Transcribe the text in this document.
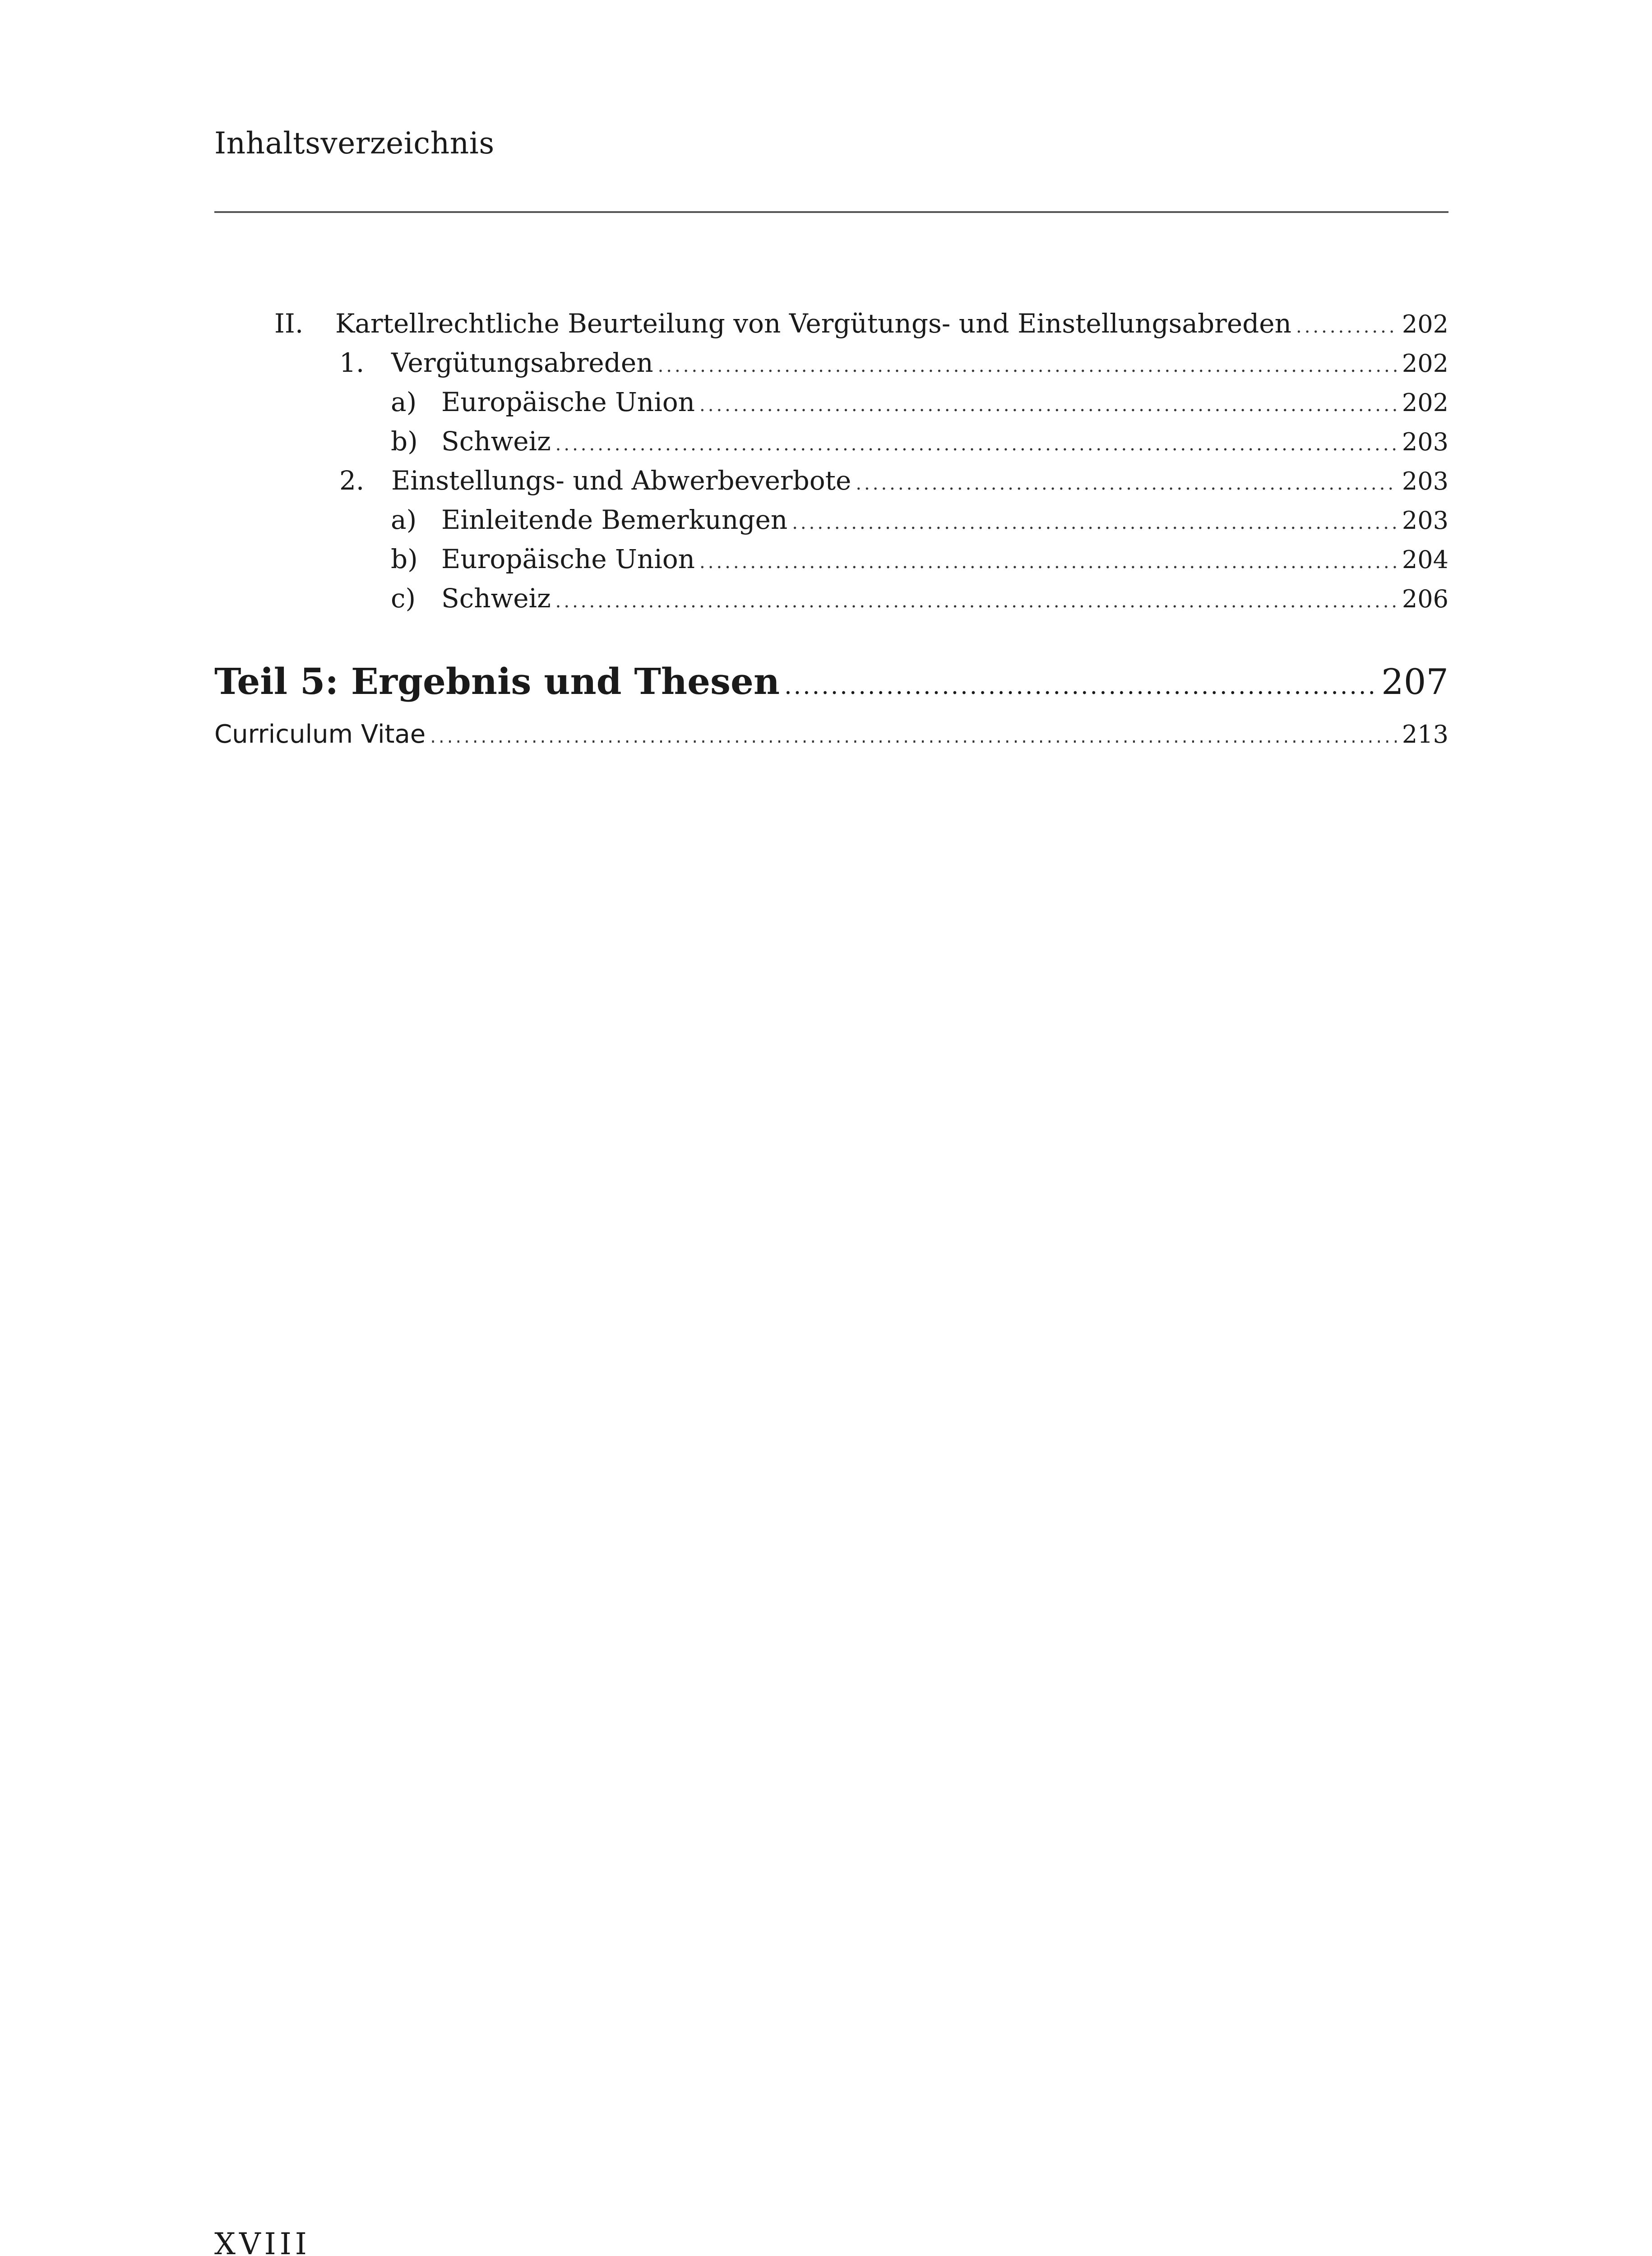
Inhaltsverzeichnis
II.	Kartellrechtliche Beurteilung von Vergütungs- und Einstellungsabreden .....	202
1.	Vergütungsabreden .....	202
a) Europäische Union .....	202
b) Schweiz .....	203
2.	Einstellungs- und Abwerbeverbote .....	203
a) Einleitende Bemerkungen .....	203
b) Europäische Union .....	204
c) Schweiz .....	206
Teil 5: Ergebnis und Thesen .....	207
Curriculum Vitae .....	213
XVIII
